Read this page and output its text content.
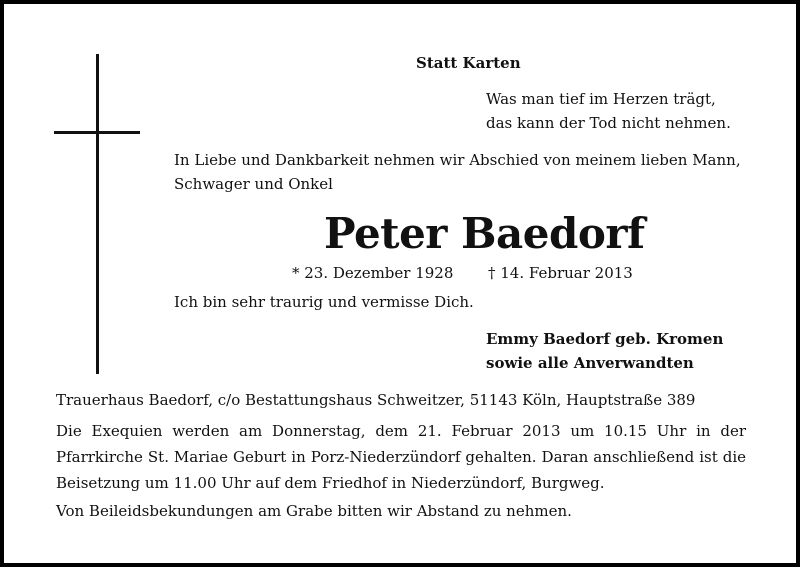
Statt Karten
Was man tief im Herzen trägt,
das kann der Tod nicht nehmen.
In Liebe und Dankbarkeit nehmen wir Abschied von meinem lieben Mann,
Schwager und Onkel
Peter Baedorf
* 23. Dezember 1928 † 14. Februar 2013
Ich bin sehr traurig und vermisse Dich.
Emmy Baedorf geb. Kromen
sowie alle Anverwandten
Trauerhaus Baedorf, c/o Bestattungshaus Schweitzer, 51143 Köln, Hauptstraße 389
Die Exequien werden am Donnerstag, dem 21. Februar 2013 um 10.15 Uhr in der Pfarrkirche St. Mariae Geburt in Porz-Niederzündorf gehalten. Daran anschließend ist die Beisetzung um 11.00 Uhr auf dem Friedhof in Niederzündorf, Burgweg.
Von Beileidsbekundungen am Grabe bitten wir Abstand zu nehmen.
